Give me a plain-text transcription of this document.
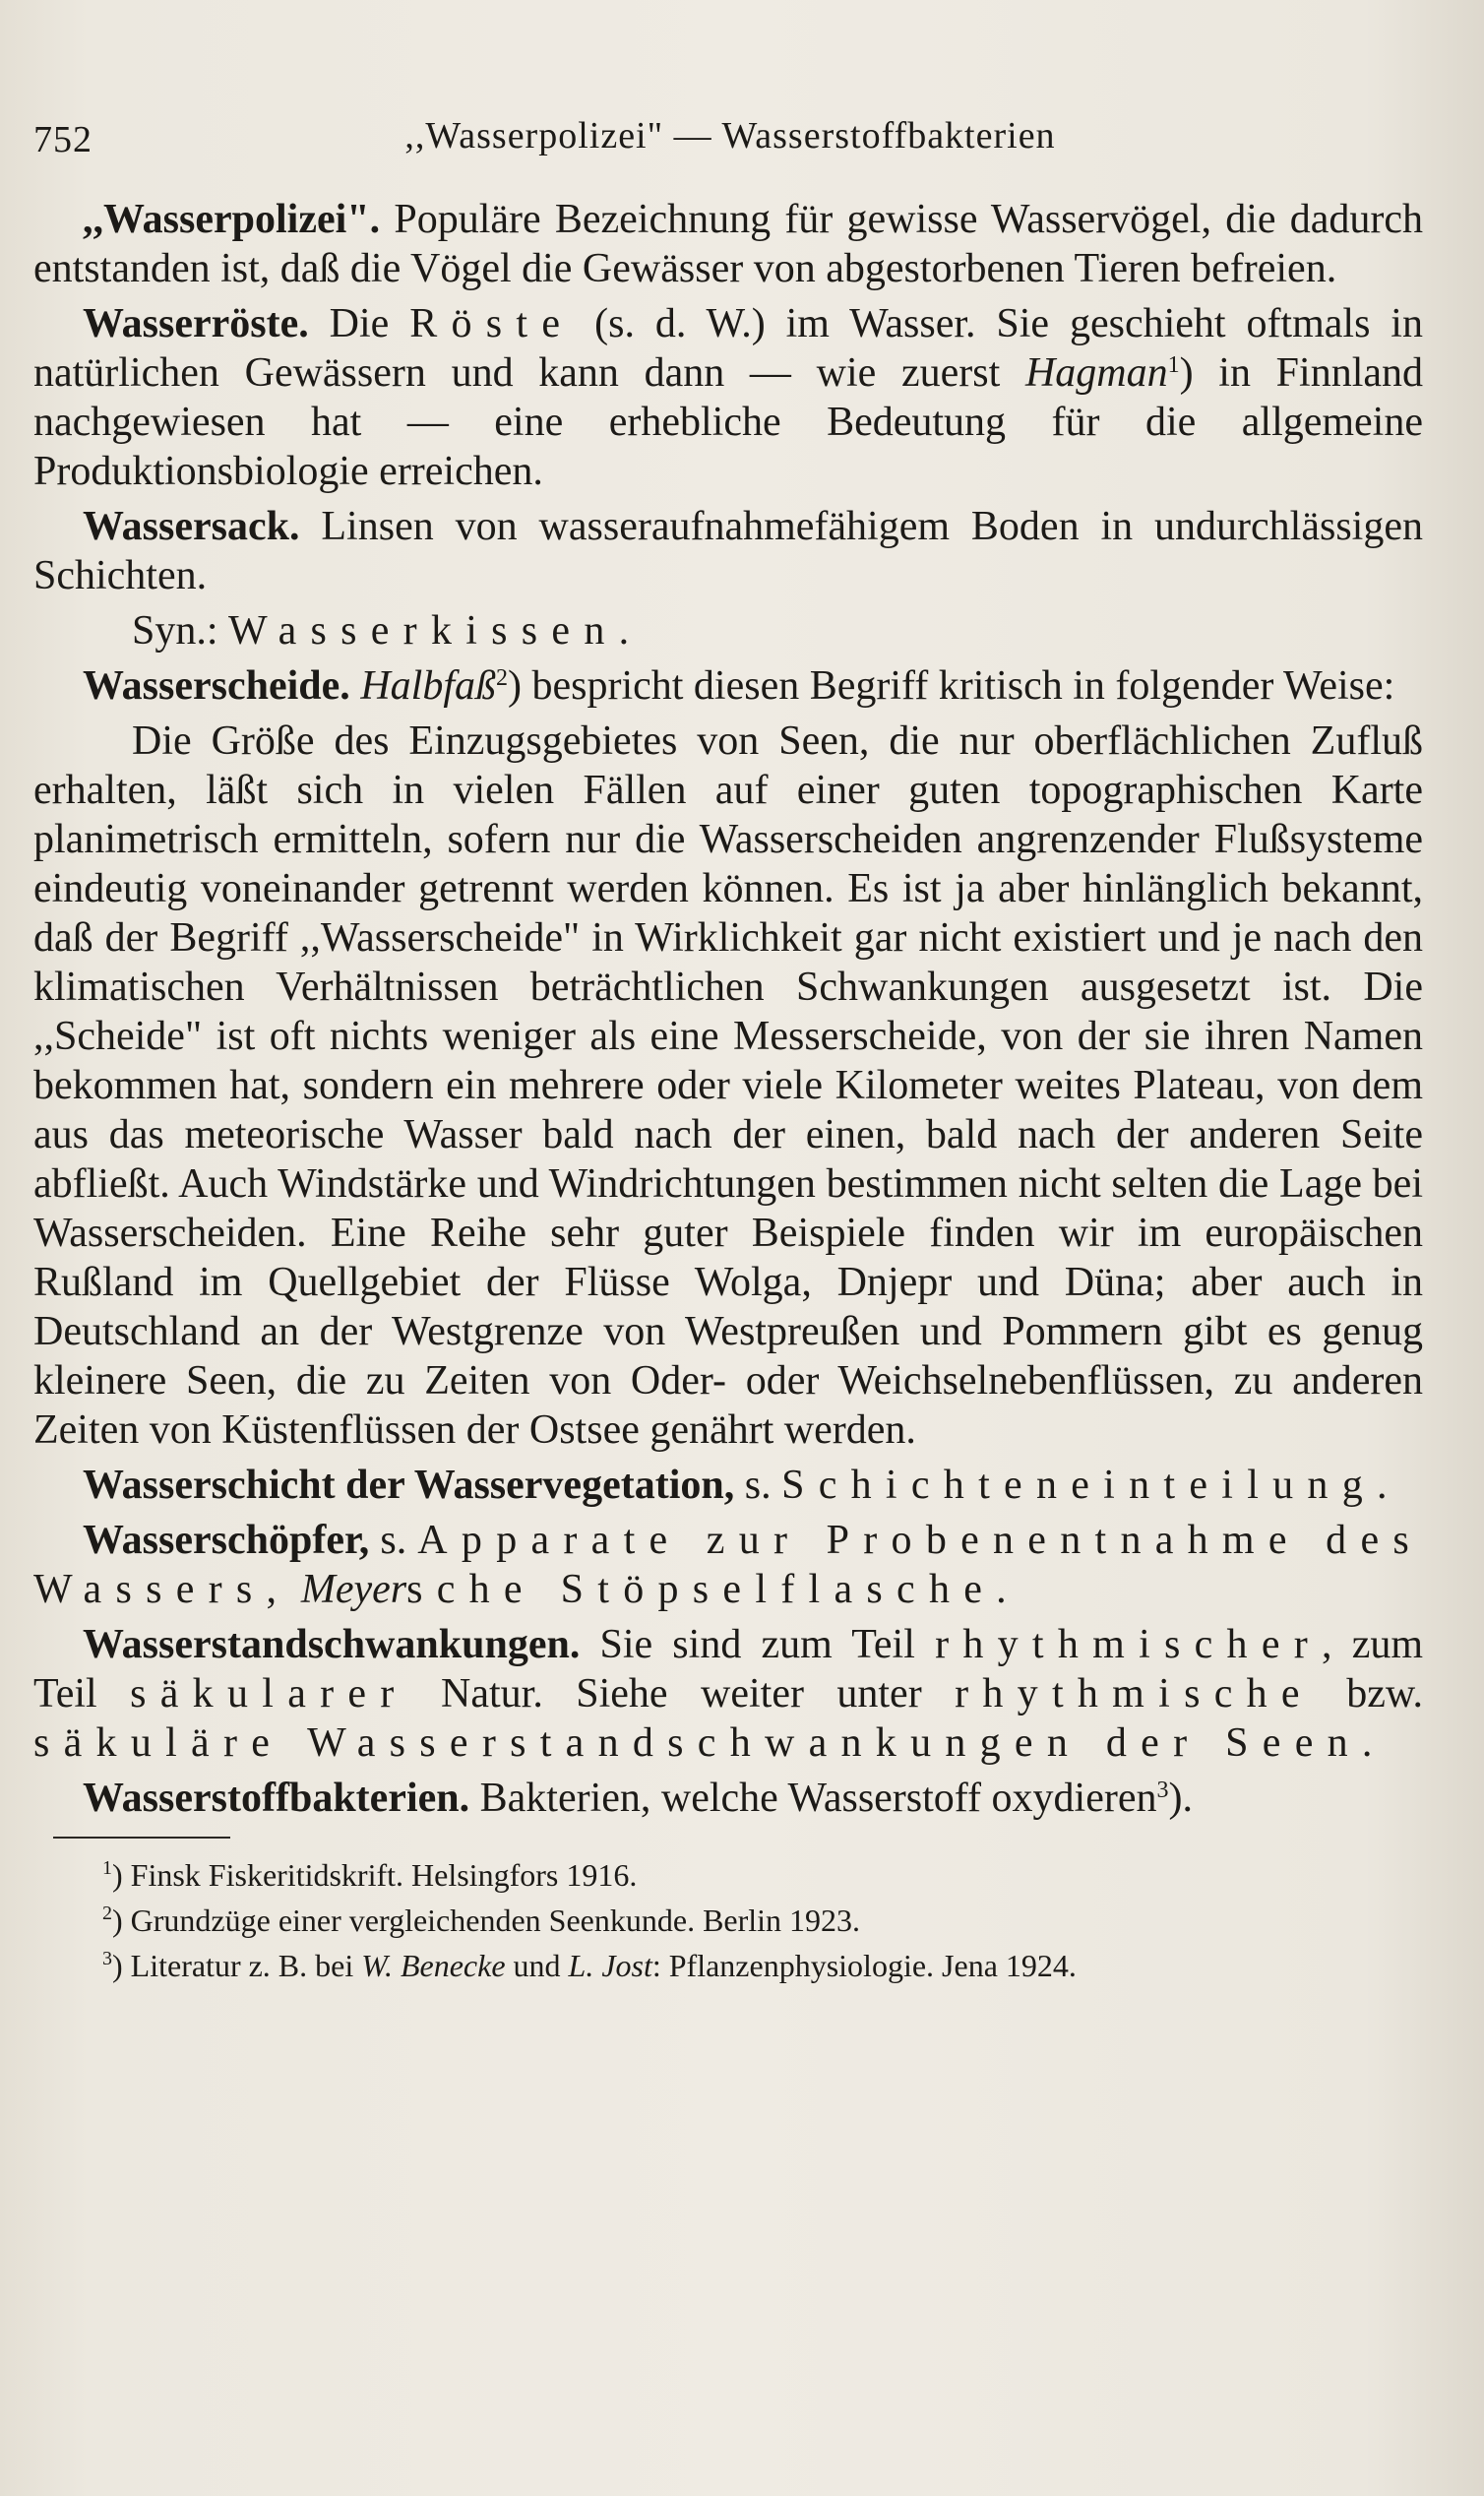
752	,,Wasserpolizei" — Wasserstoffbakterien

,,Wasserpolizei". Populäre Bezeichnung für gewisse Wasservögel, die dadurch entstanden ist, daß die Vögel die Gewässer von abgestorbenen Tieren befreien.

Wasserröste. Die Röste (s. d. W.) im Wasser. Sie geschieht oftmals in natürlichen Gewässern und kann dann — wie zuerst Hagman$^1$) in Finnland nachgewiesen hat — eine erhebliche Bedeutung für die allgemeine Produktionsbiologie erreichen.

Wassersack. Linsen von wasseraufnahmefähigem Boden in undurchlässigen Schichten.

Syn.: Wasserkissen.

Wasserscheide. Halbfaß$^2$) bespricht diesen Begriff kritisch in folgender Weise:

Die Größe des Einzugsgebietes von Seen, die nur oberflächlichen Zufluß erhalten, läßt sich in vielen Fällen auf einer guten topographischen Karte planimetrisch ermitteln, sofern nur die Wasserscheiden angrenzender Flußsysteme eindeutig voneinander getrennt werden können. Es ist ja aber hinlänglich bekannt, daß der Begriff ,,Wasserscheide" in Wirklichkeit gar nicht existiert und je nach den klimatischen Verhältnissen beträchtlichen Schwankungen ausgesetzt ist. Die ,,Scheide" ist oft nichts weniger als eine Messerscheide, von der sie ihren Namen bekommen hat, sondern ein mehrere oder viele Kilometer weites Plateau, von dem aus das meteorische Wasser bald nach der einen, bald nach der anderen Seite abfließt. Auch Windstärke und Windrichtungen bestimmen nicht selten die Lage bei Wasserscheiden. Eine Reihe sehr guter Beispiele finden wir im europäischen Rußland im Quellgebiet der Flüsse Wolga, Dnjepr und Düna; aber auch in Deutschland an der Westgrenze von Westpreußen und Pommern gibt es genug kleinere Seen, die zu Zeiten von Oder- oder Weichselnebenflüssen, zu anderen Zeiten von Küstenflüssen der Ostsee genährt werden.

Wasserschicht der Wasservegetation, s. Schichteneinteilung.

Wasserschöpfer, s. Apparate zur Probenentnahme des Wassers, Meyersche Stöpselflasche.

Wasserstandschwankungen. Sie sind zum Teil rhythmischer, zum Teil säkularer Natur. Siehe weiter unter rhythmische bzw. säkuläre Wasserstandschwankungen der Seen.

Wasserstoffbakterien. Bakterien, welche Wasserstoff oxydieren$^3$).

$^1$) Finsk Fiskeritidskrift. Helsingfors 1916.

$^2$) Grundzüge einer vergleichenden Seenkunde. Berlin 1923.

$^3$) Literatur z. B. bei W. Benecke und L. Jost: Pflanzenphysiologie. Jena 1924.
